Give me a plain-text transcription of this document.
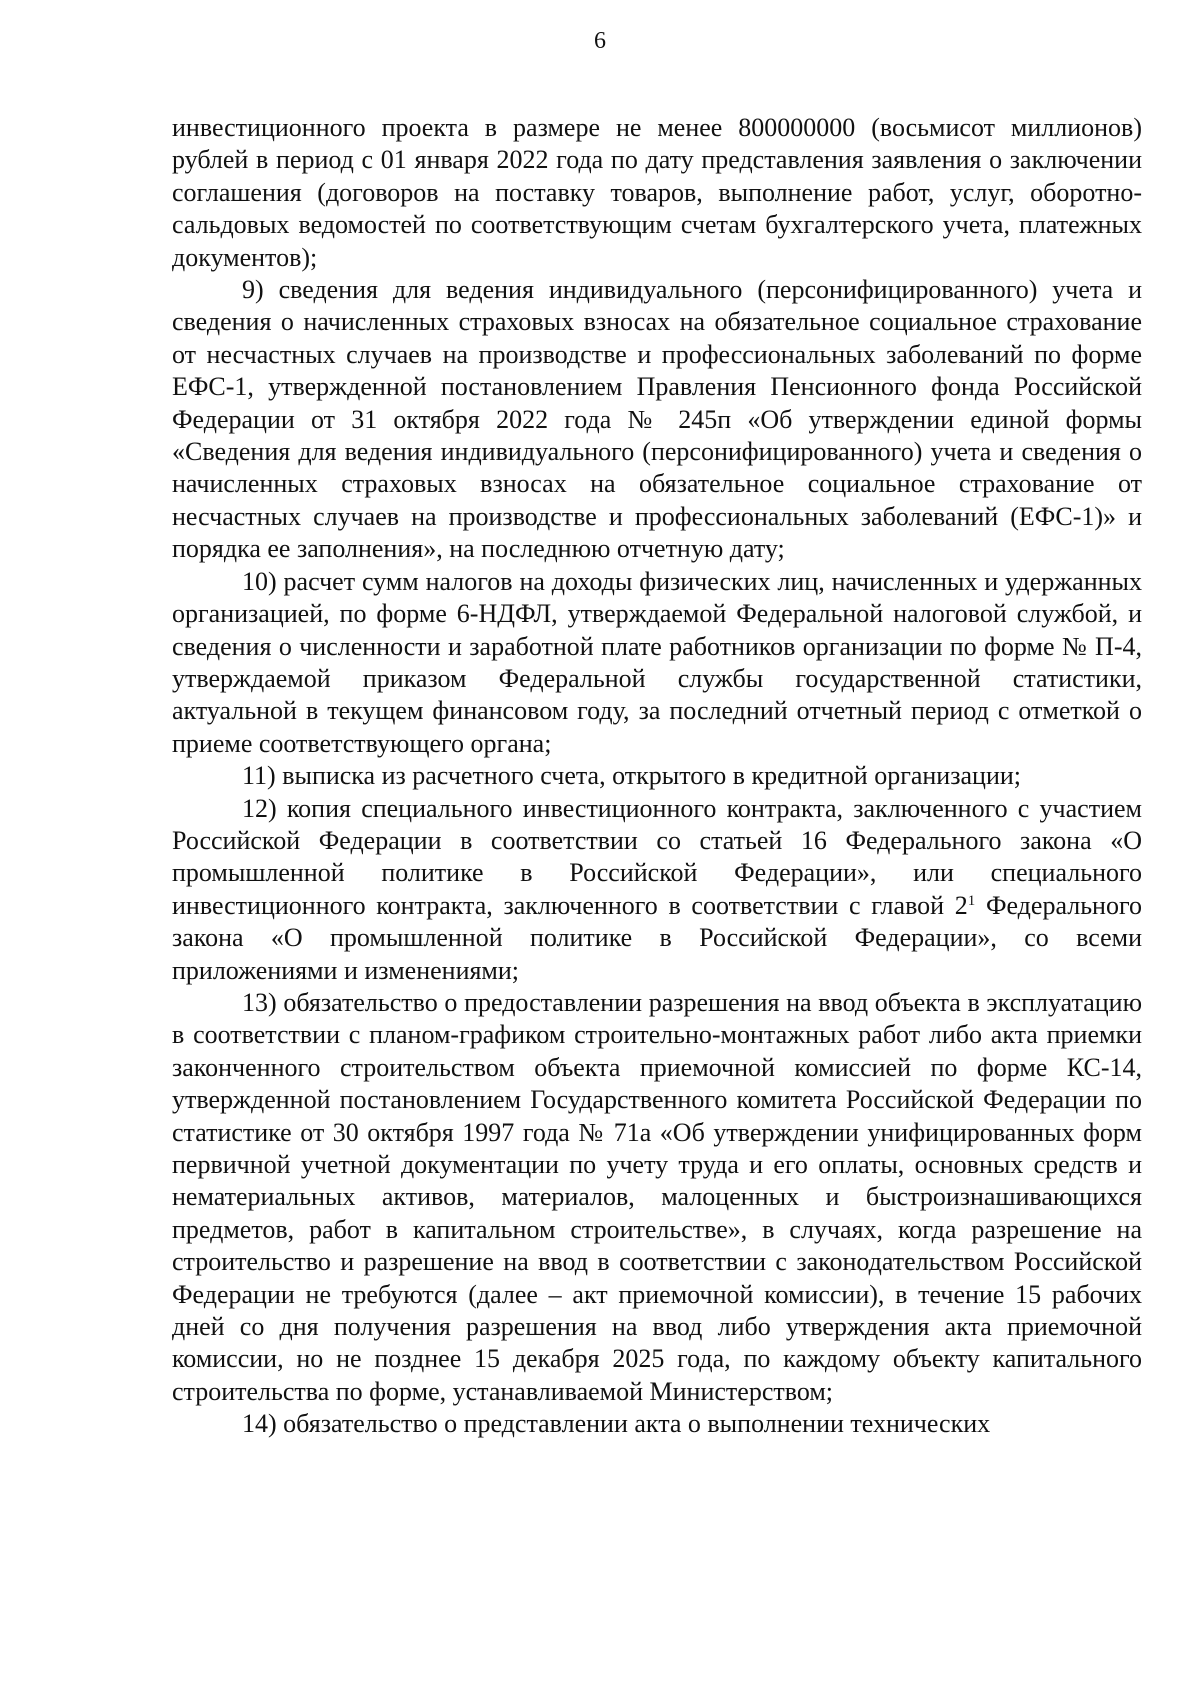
6

инвестиционного проекта в размере не менее 800000000 (восьмисот миллионов) рублей в период с 01 января 2022 года по дату представления заявления о заключении соглашения (договоров на поставку товаров, выполнение работ, услуг, оборотно-сальдовых ведомостей по соответствующим счетам бухгалтерского учета, платежных документов);

9) сведения для ведения индивидуального (персонифицированного) учета и сведения о начисленных страховых взносах на обязательное социальное страхование от несчастных случаев на производстве и профессиональных заболеваний по форме ЕФС-1, утвержденной постановлением Правления Пенсионного фонда Российской Федерации от 31 октября 2022 года № 245п «Об утверждении единой формы «Сведения для ведения индивидуального (персонифицированного) учета и сведения о начисленных страховых взносах на обязательное социальное страхование от несчастных случаев на производстве и профессиональных заболеваний (ЕФС-1)» и порядка ее заполнения», на последнюю отчетную дату;

10) расчет сумм налогов на доходы физических лиц, начисленных и удержанных организацией, по форме 6-НДФЛ, утверждаемой Федеральной налоговой службой, и сведения о численности и заработной плате работников организации по форме № П-4, утверждаемой приказом Федеральной службы государственной статистики, актуальной в текущем финансовом году, за последний отчетный период с отметкой о приеме соответствующего органа;

11) выписка из расчетного счета, открытого в кредитной организации;

12) копия специального инвестиционного контракта, заключенного с участием Российской Федерации в соответствии со статьей 16 Федерального закона «О промышленной политике в Российской Федерации», или специального инвестиционного контракта, заключенного в соответствии с главой $2^1$ Федерального закона «О промышленной политике в Российской Федерации», со всеми приложениями и изменениями;

13) обязательство о предоставлении разрешения на ввод объекта в эксплуатацию в соответствии с планом-графиком строительно-монтажных работ либо акта приемки законченного строительством объекта приемочной комиссией по форме КС-14, утвержденной постановлением Государственного комитета Российской Федерации по статистике от 30 октября 1997 года № 71а «Об утверждении унифицированных форм первичной учетной документации по учету труда и его оплаты, основных средств и нематериальных активов, материалов, малоценных и быстроизнашивающихся предметов, работ в капитальном строительстве», в случаях, когда разрешение на строительство и разрешение на ввод в соответствии с законодательством Российской Федерации не требуются (далее – акт приемочной комиссии), в течение 15 рабочих дней со дня получения разрешения на ввод либо утверждения акта приемочной комиссии, но не позднее 15 декабря 2025 года, по каждому объекту капитального строительства по форме, устанавливаемой Министерством;

14) обязательство о представлении акта о выполнении технических
